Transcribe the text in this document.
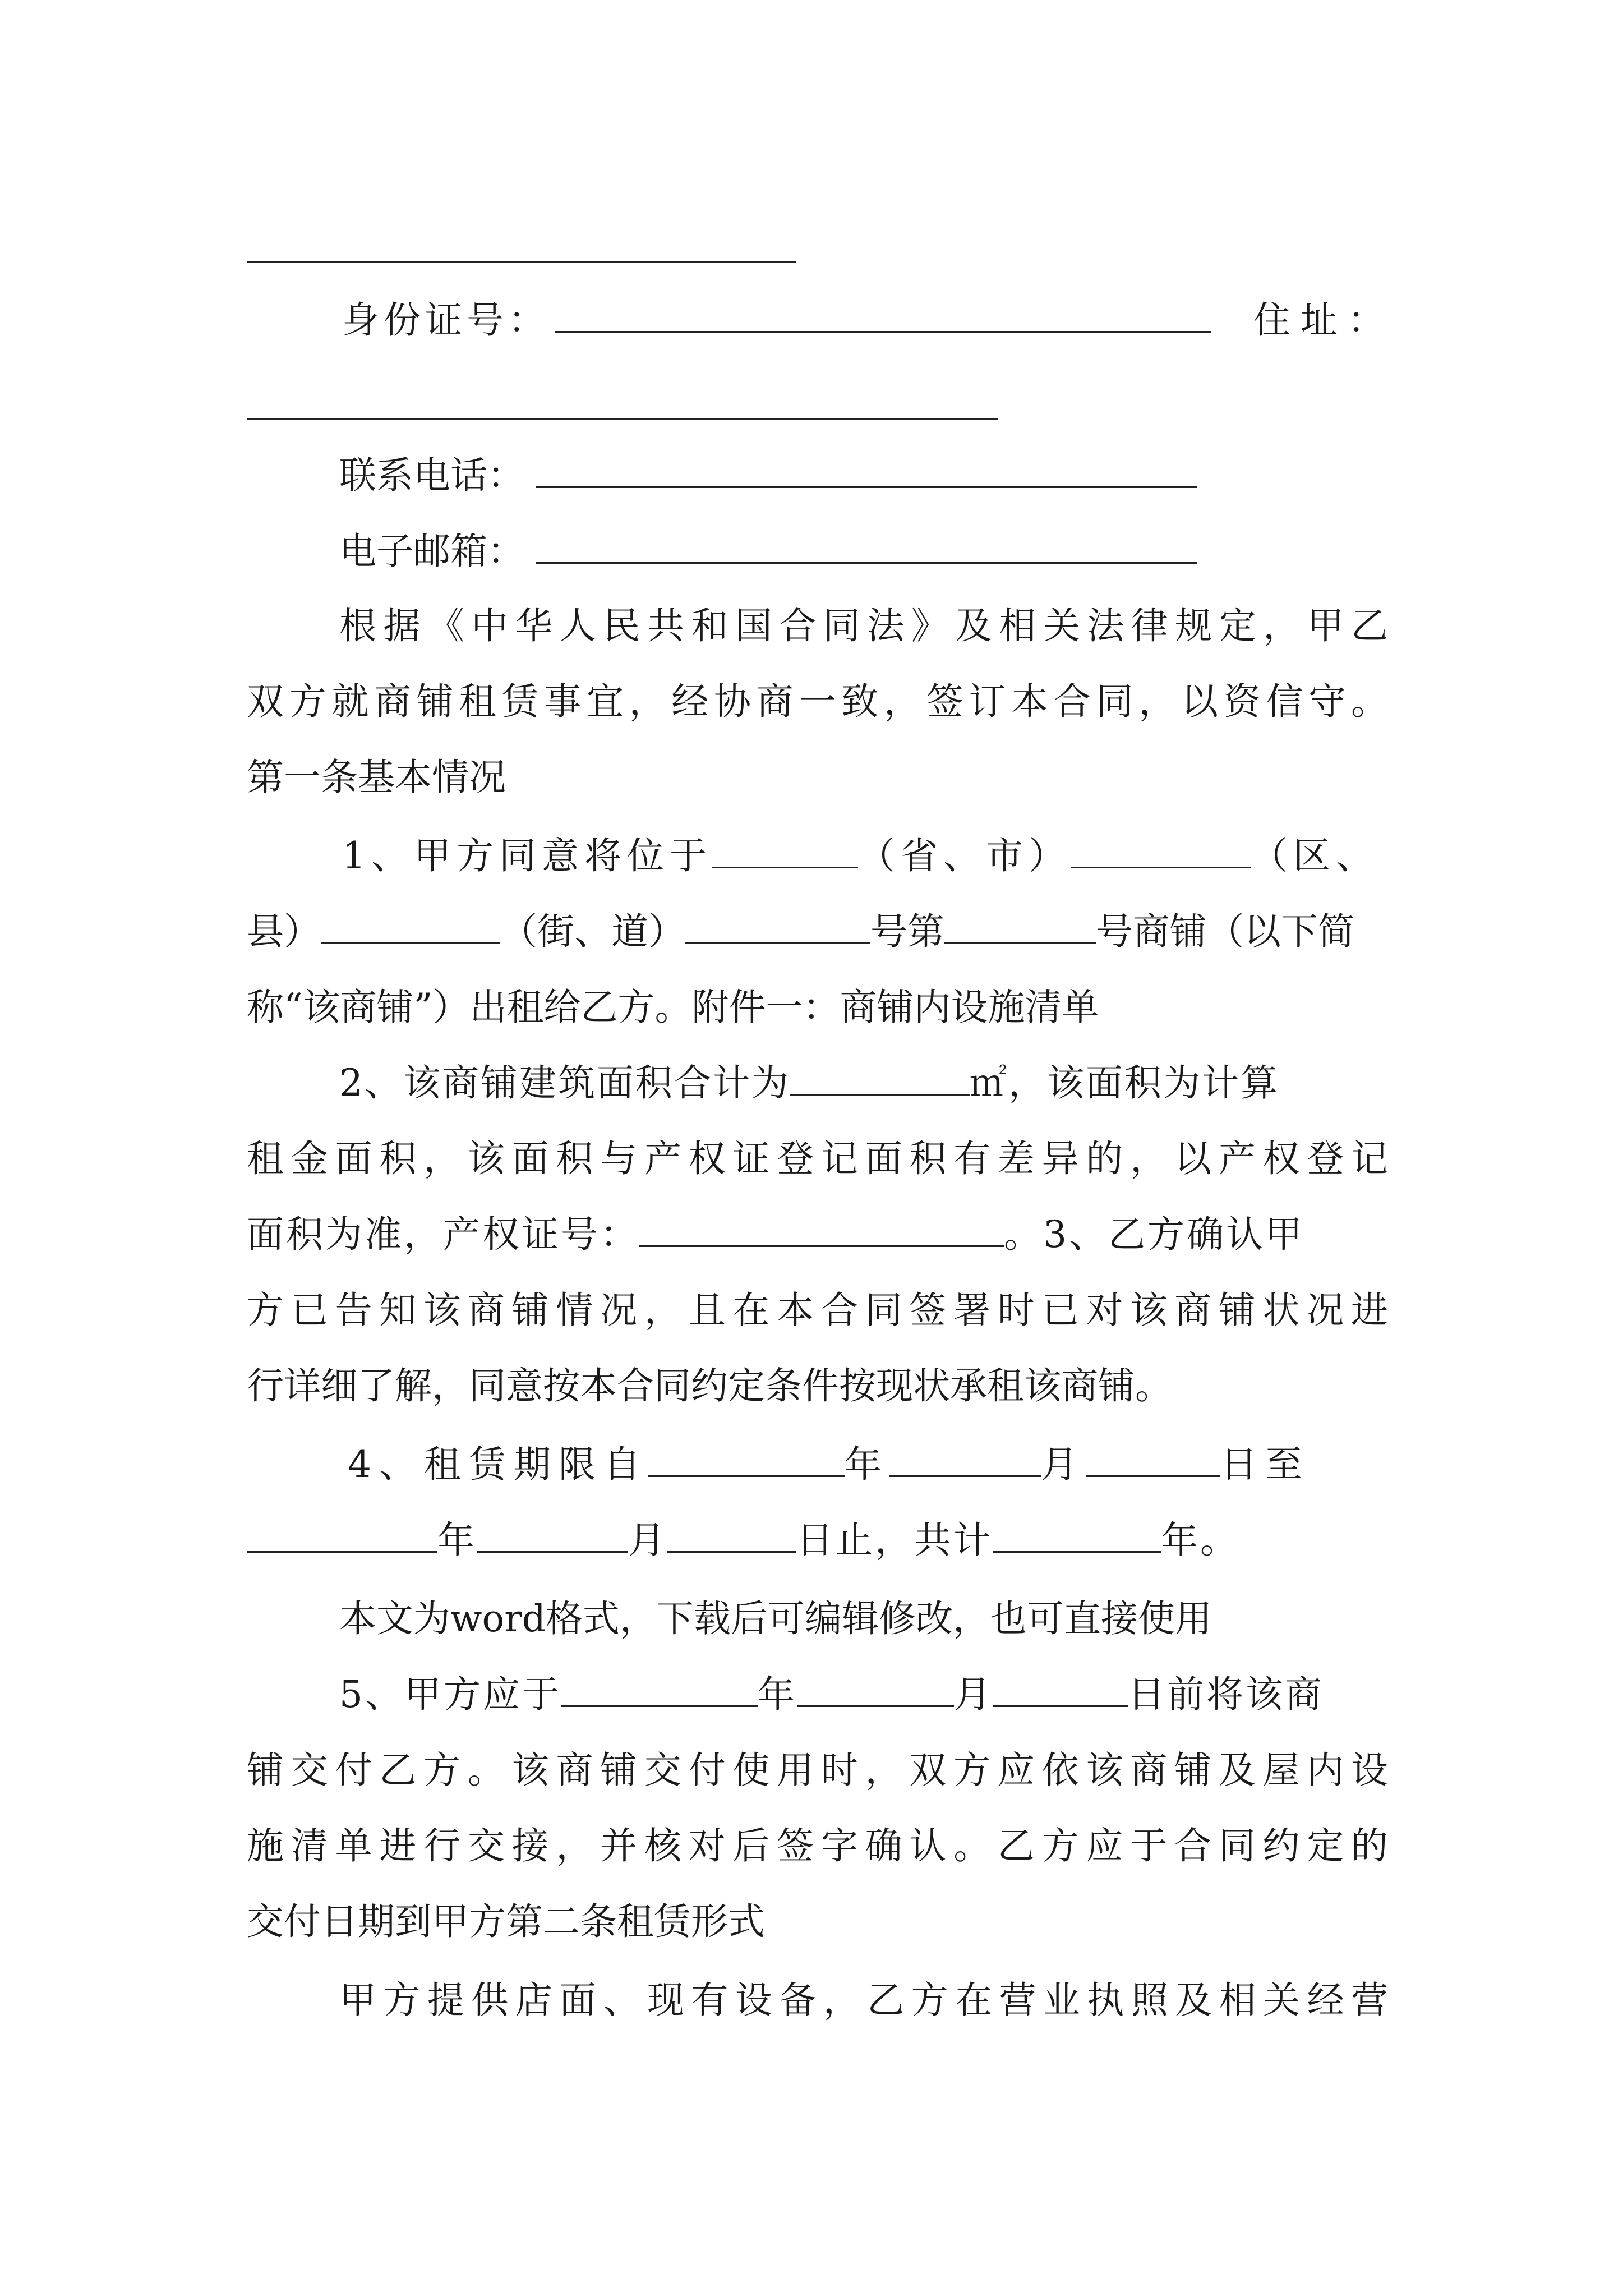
身份证号：	住址：
联系电话：
电子邮箱：
根据《中华人民共和国合同法》及相关法律规定，甲乙
双方就商铺租赁事宜，经协商一致，签订本合同，以资信守。
第一条基本情况
1、甲方同意将位于	（省、市）	（区、
县）	（街、道）	号第	号商铺（以下简
称“该商铺”）出租给乙方。附件一：商铺内设施清单
2、该商铺建筑面积合计为	㎡，该面积为计算
租金面积，该面积与产权证登记面积有差异的，以产权登记
面积为准，产权证号：	。3、乙方确认甲
方已告知该商铺情况，且在本合同签署时已对该商铺状况进
行详细了解，同意按本合同约定条件按现状承租该商铺。
4、租赁期限自	年	月	日至
年	月	日止，共计	年。
本文为word格式，下载后可编辑修改，也可直接使用
5、甲方应于	年	月	日前将该商
铺交付乙方。该商铺交付使用时，双方应依该商铺及屋内设
施清单进行交接，并核对后签字确认。乙方应于合同约定的
交付日期到甲方第二条租赁形式
甲方提供店面、现有设备，乙方在营业执照及相关经营
